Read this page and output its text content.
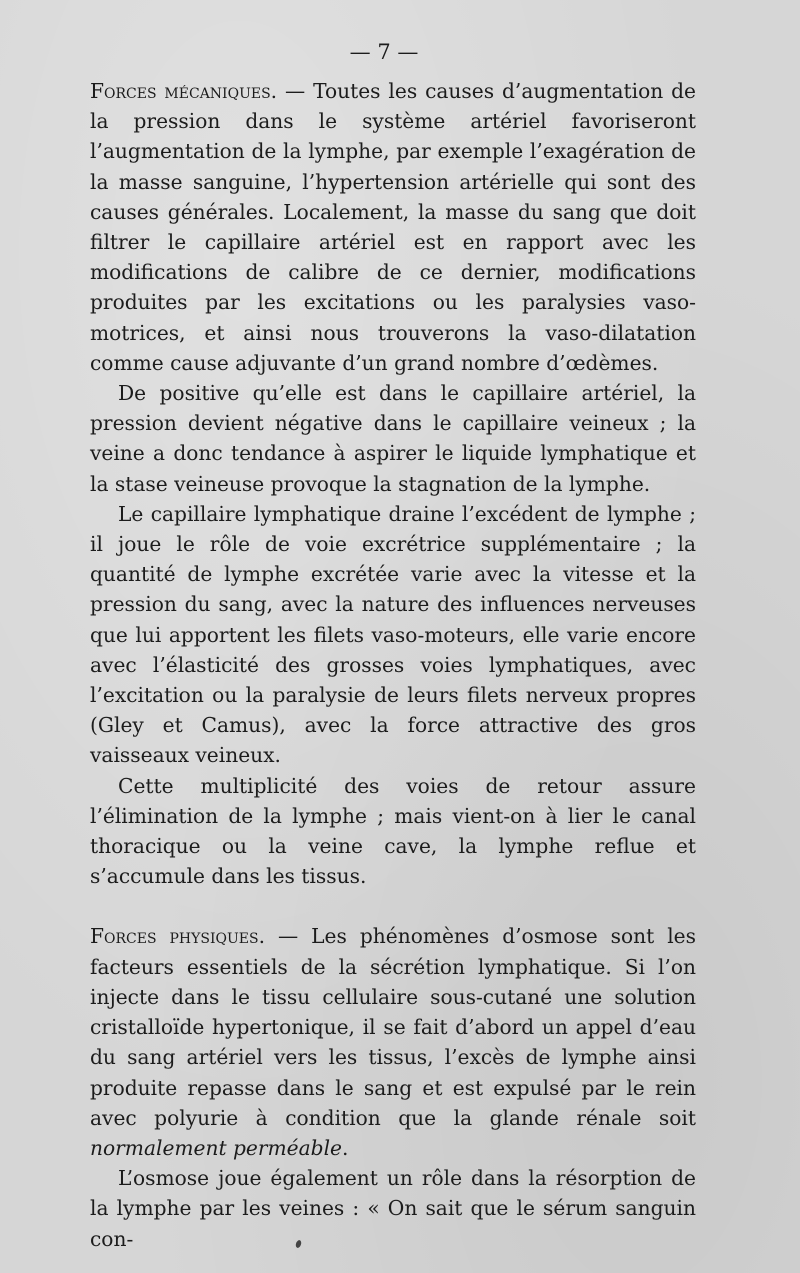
— 7 —

Forces mécaniques. — Toutes les causes d’augmentation de la pression dans le système artériel favoriseront l’augmentation de la lymphe, par exemple l’exagération de la masse sanguine, l’hypertension artérielle qui sont des causes générales. Localement, la masse du sang que doit filtrer le capillaire artériel est en rapport avec les modifications de calibre de ce dernier, modifications produites par les excitations ou les paralysies vaso-motrices, et ainsi nous trouverons la vaso-dilatation comme cause adjuvante d’un grand nombre d’œdèmes.

De positive qu’elle est dans le capillaire artériel, la pression devient négative dans le capillaire veineux ; la veine a donc tendance à aspirer le liquide lymphatique et la stase veineuse provoque la stagnation de la lymphe.

Le capillaire lymphatique draine l’excédent de lymphe ; il joue le rôle de voie excrétrice supplémentaire ; la quantité de lymphe excrétée varie avec la vitesse et la pression du sang, avec la nature des influences nerveuses que lui apportent les filets vaso-moteurs, elle varie encore avec l’élasticité des grosses voies lymphatiques, avec l’excitation ou la paralysie de leurs filets nerveux propres (Gley et Camus), avec la force attractive des gros vaisseaux veineux.

Cette multiplicité des voies de retour assure l’élimination de la lymphe ; mais vient-on à lier le canal thoracique ou la veine cave, la lymphe reflue et s’accumule dans les tissus.

Forces physiques. — Les phénomènes d’osmose sont les facteurs essentiels de la sécrétion lymphatique. Si l’on injecte dans le tissu cellulaire sous-cutané une solution cristalloïde hypertonique, il se fait d’abord un appel d’eau du sang artériel vers les tissus, l’excès de lymphe ainsi produite repasse dans le sang et est expulsé par le rein avec polyurie à condition que la glande rénale soit normalement perméable.

L’osmose joue également un rôle dans la résorption de la lymphe par les veines : « On sait que le sérum sanguin con-
